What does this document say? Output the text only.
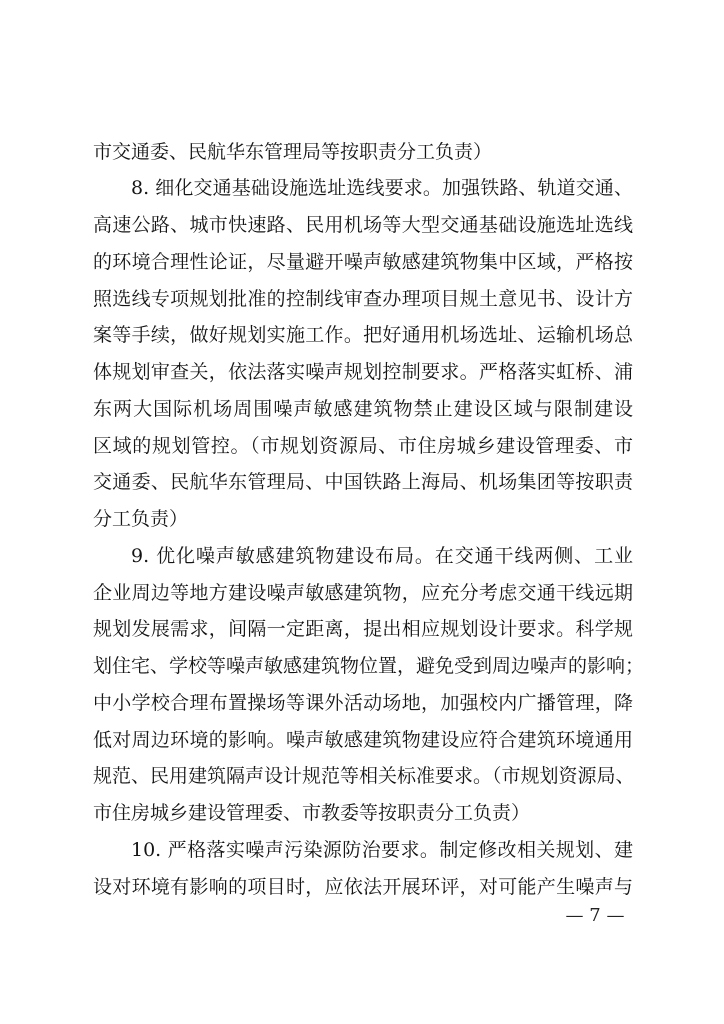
市交通委、民航华东管理局等按职责分工负责）
8. 细化交通基础设施选址选线要求。加强铁路、轨道交通、
高速公路、城市快速路、民用机场等大型交通基础设施选址选线
的环境合理性论证，尽量避开噪声敏感建筑物集中区域，严格按
照选线专项规划批准的控制线审查办理项目规土意见书、设计方
案等手续，做好规划实施工作。把好通用机场选址、运输机场总
体规划审查关，依法落实噪声规划控制要求。严格落实虹桥、浦
东两大国际机场周围噪声敏感建筑物禁止建设区域与限制建设
区域的规划管控。（市规划资源局、市住房城乡建设管理委、市
交通委、民航华东管理局、中国铁路上海局、机场集团等按职责
分工负责）
9. 优化噪声敏感建筑物建设布局。在交通干线两侧、工业
企业周边等地方建设噪声敏感建筑物，应充分考虑交通干线远期
规划发展需求，间隔一定距离，提出相应规划设计要求。科学规
划住宅、学校等噪声敏感建筑物位置，避免受到周边噪声的影响；
中小学校合理布置操场等课外活动场地，加强校内广播管理，降
低对周边环境的影响。噪声敏感建筑物建设应符合建筑环境通用
规范、民用建筑隔声设计规范等相关标准要求。（市规划资源局、
市住房城乡建设管理委、市教委等按职责分工负责）
10. 严格落实噪声污染源防治要求。制定修改相关规划、建
设对环境有影响的项目时，应依法开展环评，对可能产生噪声与
— 7 —
